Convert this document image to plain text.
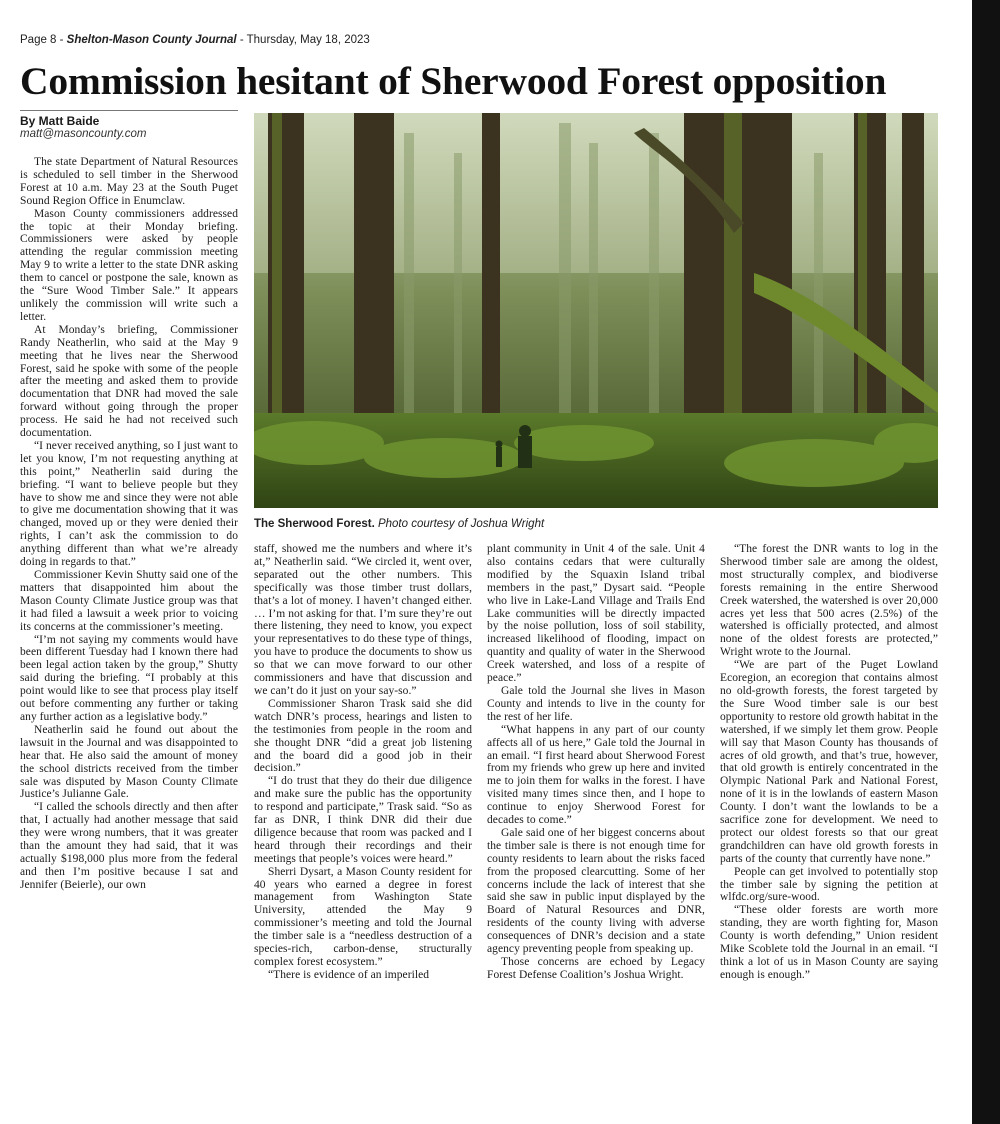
Page 8 - Shelton-Mason County Journal - Thursday, May 18, 2023
Commission hesitant of Sherwood Forest opposition
By Matt Baide
matt@masoncounty.com

The state Department of Natural Resources is scheduled to sell timber in the Sherwood Forest at 10 a.m. May 23 at the South Puget Sound Region Office in Enumclaw.

Mason County commissioners addressed the topic at their Monday briefing. Commissioners were asked by people attending the regular commission meeting May 9 to write a letter to the state DNR asking them to cancel or postpone the sale, known as the “Sure Wood Timber Sale.” It appears unlikely the commission will write such a letter.

At Monday’s briefing, Commissioner Randy Neatherlin, who said at the May 9 meeting that he lives near the Sherwood Forest, said he spoke with some of the people after the meeting and asked them to provide documentation that DNR had moved the sale forward without going through the proper process. He said he had not received such documentation.

“I never received anything, so I just want to let you know, I’m not requesting anything at this point,” Neatherlin said during the briefing. “I want to believe people but they have to show me and since they were not able to give me documentation showing that it was changed, moved up or they were denied their rights, I can’t ask the commission to do anything different than what we’re already doing in regards to that.”

Commissioner Kevin Shutty said one of the matters that disappointed him about the Mason County Climate Justice group was that it had filed a lawsuit a week prior to voicing its concerns at the commissioner’s meeting.

“I’m not saying my comments would have been different Tuesday had I known there had been legal action taken by the group,” Shutty said during the briefing. “I probably at this point would like to see that process play itself out before commenting any further or taking any further action as a legislative body.”

Neatherlin said he found out about the lawsuit in the Journal and was disappointed to hear that. He also said the amount of money the school districts received from the timber sale was disputed by Mason County Climate Justice’s Julianne Gale.

“I called the schools directly and then after that, I actually had another message that said they were wrong numbers, that it was greater than the amount they had said, that it was actually $198,000 plus more from the federal and then I’m positive because I sat and Jennifer (Beierle), our own

The Sherwood Forest. Photo courtesy of Joshua Wright

staff, showed me the numbers and where it’s at,” Neatherlin said. “We circled it, went over, separated out the other numbers. This specifically was those timber trust dollars, that’s a lot of money. I haven’t changed either. … I’m not asking for that. I’m sure they’re out there listening, they need to know, you expect your representatives to do these type of things, you have to produce the documents to show us so that we can move forward to our other commissioners and have that discussion and we can’t do it just on your say-so.”

Commissioner Sharon Trask said she did watch DNR’s process, hearings and listen to the testimonies from people in the room and she thought DNR “did a great job listening and the board did a good job in their decision.”

“I do trust that they do their due diligence and make sure the public has the opportunity to respond and participate,” Trask said. “So as far as DNR, I think DNR did their due diligence because that room was packed and I heard through their recordings and their meetings that people’s voices were heard.”

Sherri Dysart, a Mason County resident for 40 years who earned a degree in forest management from Washington State University, attended the May 9 commissioner’s meeting and told the Journal the timber sale is a “needless destruction of a species-rich, carbon-dense, structurally complex forest ecosystem.”

“There is evidence of an imperiled

plant community in Unit 4 of the sale. Unit 4 also contains cedars that were culturally modified by the Squaxin Island tribal members in the past,” Dysart said. “People who live in Lake-Land Village and Trails End Lake communities will be directly impacted by the noise pollution, loss of soil stability, increased likelihood of flooding, impact on quantity and quality of water in the Sherwood Creek watershed, and loss of a respite of peace.”

Gale told the Journal she lives in Mason County and intends to live in the county for the rest of her life.

“What happens in any part of our county affects all of us here,” Gale told the Journal in an email. “I first heard about Sherwood Forest from my friends who grew up here and invited me to join them for walks in the forest. I have visited many times since then, and I hope to continue to enjoy Sherwood Forest for decades to come.”

Gale said one of her biggest concerns about the timber sale is there is not enough time for county residents to learn about the risks faced from the proposed clearcutting. Some of her concerns include the lack of interest that she said she saw in public input displayed by the Board of Natural Resources and DNR, residents of the county living with adverse consequences of DNR’s decision and a state agency preventing people from speaking up.

Those concerns are echoed by Legacy Forest Defense Coalition’s Joshua Wright.

“The forest the DNR wants to log in the Sherwood timber sale are among the oldest, most structurally complex, and biodiverse forests remaining in the entire Sherwood Creek watershed, the watershed is over 20,000 acres yet less that 500 acres (2.5%) of the watershed is officially protected, and almost none of the oldest forests are protected,” Wright wrote to the Journal.

“We are part of the Puget Lowland Ecoregion, an ecoregion that contains almost no old-growth forests, the forest targeted by the Sure Wood timber sale is our best opportunity to restore old growth habitat in the watershed, if we simply let them grow. People will say that Mason County has thousands of acres of old growth, and that’s true, however, that old growth is entirely concentrated in the Olympic National Park and National Forest, none of it is in the lowlands of eastern Mason County. I don’t want the lowlands to be a sacrifice zone for development. We need to protect our oldest forests so that our great grandchildren can have old growth forests in parts of the county that currently have none.”

People can get involved to potentially stop the timber sale by signing the petition at wlfdc.org/sure-wood.

“These older forests are worth more standing, they are worth fighting for, Mason County is worth defending,” Union resident Mike Scoblete told the Journal in an email. “I think a lot of us in Mason County are saying enough is enough.”
